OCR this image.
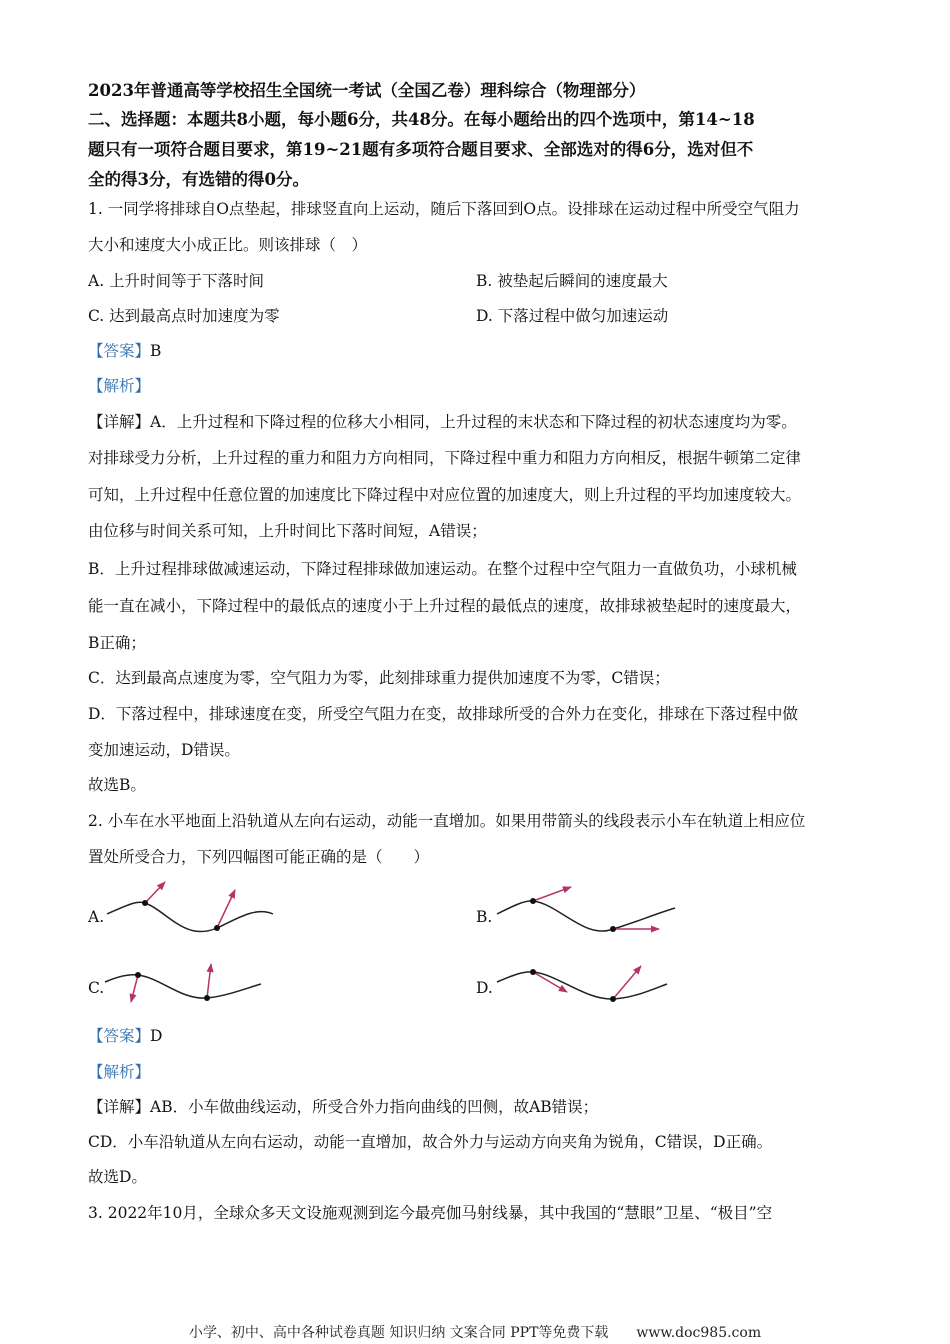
2023年普通高等学校招生全国统一考试（全国乙卷）理科综合（物理部分）
二、选择题：本题共8小题，每小题6分，共48分。在每小题给出的四个选项中，第14~18
题只有一项符合题目要求，第19~21题有多项符合题目要求、全部选对的得6分，选对但不
全的得3分，有选错的得0分。
1. 一同学将排球自O点垫起，排球竖直向上运动，随后下落回到O点。设排球在运动过程中所受空气阻力
大小和速度大小成正比。则该排球（　）
A. 上升时间等于下落时间	B. 被垫起后瞬间的速度最大
C. 达到最高点时加速度为零	D. 下落过程中做匀加速运动
【答案】B
【解析】
【详解】A．上升过程和下降过程的位移大小相同，上升过程的末状态和下降过程的初状态速度均为零。
对排球受力分析，上升过程的重力和阻力方向相同，下降过程中重力和阻力方向相反，根据牛顿第二定律
可知，上升过程中任意位置的加速度比下降过程中对应位置的加速度大，则上升过程的平均加速度较大。
由位移与时间关系可知，上升时间比下落时间短，A错误；
B．上升过程排球做减速运动，下降过程排球做加速运动。在整个过程中空气阻力一直做负功，小球机械
能一直在减小，下降过程中的最低点的速度小于上升过程的最低点的速度，故排球被垫起时的速度最大，
B正确；
C．达到最高点速度为零，空气阻力为零，此刻排球重力提供加速度不为零，C错误；
D．下落过程中，排球速度在变，所受空气阻力在变，故排球所受的合外力在变化，排球在下落过程中做
变加速运动，D错误。
故选B。
2. 小车在水平地面上沿轨道从左向右运动，动能一直增加。如果用带箭头的线段表示小车在轨道上相应位
置处所受合力，下列四幅图可能正确的是（　　）
A.	B.
C.	D.
【答案】D
【解析】
【详解】AB．小车做曲线运动，所受合外力指向曲线的凹侧，故AB错误；
CD．小车沿轨道从左向右运动，动能一直增加，故合外力与运动方向夹角为锐角，C错误，D正确。
故选D。
3. 2022年10月，全球众多天文设施观测到迄今最亮伽马射线暴，其中我国的“慧眼”卫星、“极目”空
小学、初中、高中各种试卷真题 知识归纳 文案合同 PPT等免费下载　　www.doc985.com
